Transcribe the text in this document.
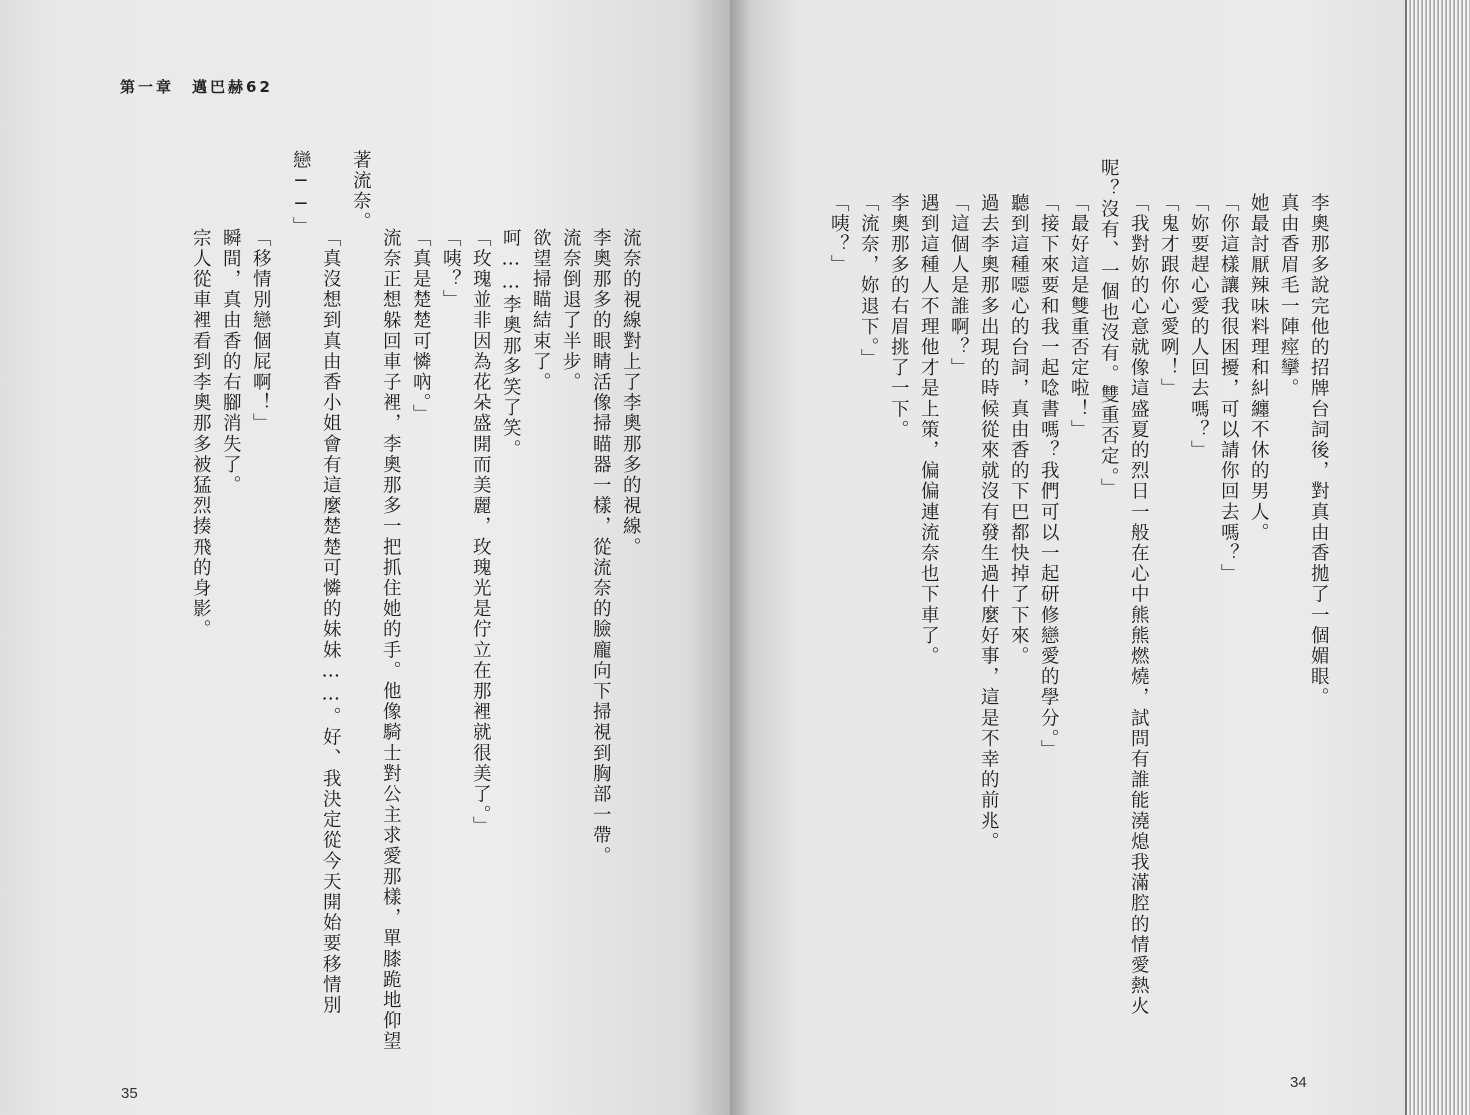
第一章　邁巴赫62
流奈的視線對上了李奧那多的視線。
李奧那多的眼睛活像掃瞄器一樣，從流奈的臉龐向下掃視到胸部一帶。
流奈倒退了半步。
欲望掃瞄結束了。
呵……李奧那多笑了笑。
「玫瑰並非因為花朵盛開而美麗，玫瑰光是佇立在那裡就很美了。」
「咦？」
「真是楚楚可憐吶。」
流奈正想躲回車子裡，李奧那多一把抓住她的手。他像騎士對公主求愛那樣，單膝跪地仰望
著流奈。
「真沒想到真由香小姐會有這麼楚楚可憐的妹妹……。好、我決定從今天開始要移情別
戀──」
「移情別戀個屁啊！」
瞬間，真由香的右腳消失了。
宗人從車裡看到李奧那多被猛烈揍飛的身影。
35
李奧那多說完他的招牌台詞後，對真由香拋了一個媚眼。
真由香眉毛一陣痙攣。
她最討厭辣味料理和糾纏不休的男人。
「你這樣讓我很困擾，可以請你回去嗎？」
「妳要趕心愛的人回去嗎？」
「鬼才跟你心愛咧！」
「我對妳的心意就像這盛夏的烈日一般在心中熊熊燃燒，試問有誰能澆熄我滿腔的情愛熱火
呢？沒有、一個也沒有。雙重否定。」
「最好這是雙重否定啦！」
「接下來要和我一起唸書嗎？我們可以一起研修戀愛的學分。」
聽到這種噁心的台詞，真由香的下巴都快掉了下來。
過去李奧那多出現的時候從來就沒有發生過什麼好事，這是不幸的前兆。
「這個人是誰啊？」
遇到這種人不理他才是上策，偏偏連流奈也下車了。
李奧那多的右眉挑了一下。
「流奈，妳退下。」
「咦？」
34
